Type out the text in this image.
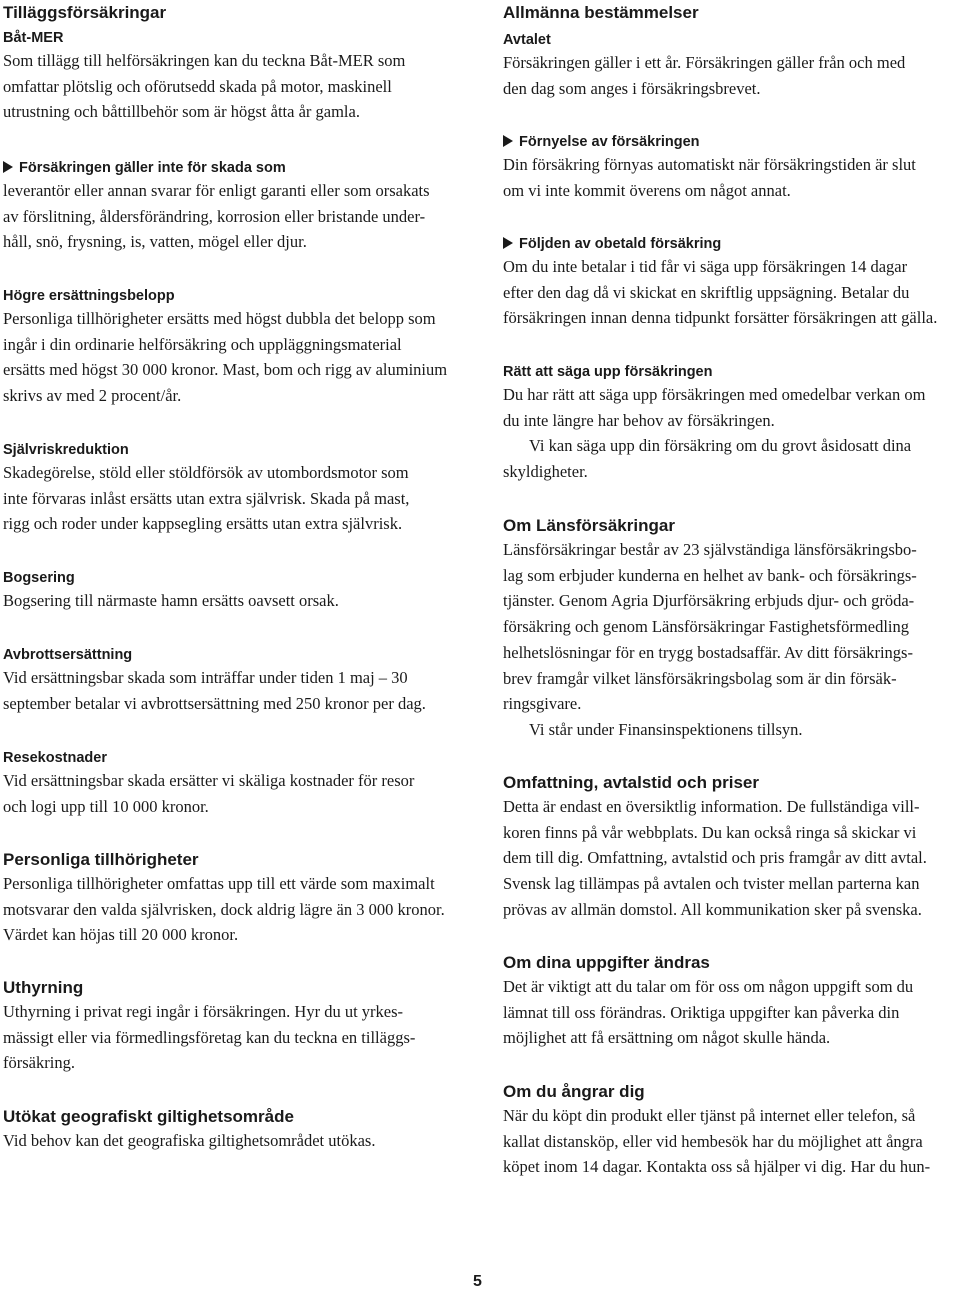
Tilläggsförsäkringar
Båt-MER
Som tillägg till helförsäkringen kan du teckna Båt-MER som
omfattar plötslig och oförutsedd skada på motor, maskinell
utrustning och båttillbehör som är högst åtta år gamla.
Försäkringen gäller inte för skada som
leverantör eller annan svarar för enligt garanti eller som orsakats
av förslitning, åldersförändring, korrosion eller bristande under-
håll, snö, frysning, is, vatten, mögel eller djur.
Högre ersättningsbelopp
Personliga tillhörigheter ersätts med högst dubbla det belopp som
ingår i din ordinarie helförsäkring och uppläggningsmaterial
ersätts med högst 30 000 kronor. Mast, bom och rigg av aluminium
skrivs av med 2 procent/år.
Självriskreduktion
Skadegörelse, stöld eller stöldförsök av utombordsmotor som
inte förvaras inlåst ersätts utan extra självrisk. Skada på mast,
rigg och roder under kappsegling ersätts utan extra självrisk.
Bogsering
Bogsering till närmaste hamn ersätts oavsett orsak.
Avbrottsersättning
Vid ersättningsbar skada som inträffar under tiden 1 maj – 30
september betalar vi avbrottsersättning med 250 kronor per dag.
Resekostnader
Vid ersättningsbar skada ersätter vi skäliga kostnader för resor
och logi upp till 10 000 kronor.
Personliga tillhörigheter
Personliga tillhörigheter omfattas upp till ett värde som maximalt
motsvarar den valda självrisken, dock aldrig lägre än 3 000 kronor.
Värdet kan höjas till 20 000 kronor.
Uthyrning
Uthyrning i privat regi ingår i försäkringen. Hyr du ut yrkes-
mässigt eller via förmedlingsföretag kan du teckna en tilläggs-
försäkring.
Utökat geografiskt giltighetsområde
Vid behov kan det geografiska giltighetsområdet utökas.
Allmänna bestämmelser
Avtalet
Försäkringen gäller i ett år. Försäkringen gäller från och med
den dag som anges i försäkringsbrevet.
Förnyelse av försäkringen
Din försäkring förnyas automatiskt när försäkringstiden är slut
om vi inte kommit överens om något annat.
Följden av obetald försäkring
Om du inte betalar i tid får vi säga upp försäkringen 14 dagar
efter den dag då vi skickat en skriftlig uppsägning. Betalar du
försäkringen innan denna tidpunkt forsätter försäkringen att gälla.
Rätt att säga upp försäkringen
Du har rätt att säga upp försäkringen med omedelbar verkan om
du inte längre har behov av försäkringen.
Vi kan säga upp din försäkring om du grovt åsidosatt dina
skyldigheter.
Om Länsförsäkringar
Länsförsäkringar består av 23 självständiga länsförsäkringsbo-
lag som erbjuder kunderna en helhet av bank- och försäkrings-
tjänster. Genom Agria Djurförsäkring erbjuds djur- och gröda-
försäkring och genom Länsförsäkringar Fastighetsförmedling
helhetslösningar för en trygg bostadsaffär. Av ditt försäkrings-
brev framgår vilket länsförsäkringsbolag som är din försäk-
ringsgivare.
Vi står under Finansinspektionens tillsyn.
Omfattning, avtalstid och priser
Detta är endast en översiktlig information. De fullständiga vill-
koren finns på vår webbplats. Du kan också ringa så skickar vi
dem till dig. Omfattning, avtalstid och pris framgår av ditt avtal.
Svensk lag tillämpas på avtalen och tvister mellan parterna kan
prövas av allmän domstol. All kommunikation sker på svenska.
Om dina uppgifter ändras
Det är viktigt att du talar om för oss om någon uppgift som du
lämnat till oss förändras. Oriktiga uppgifter kan påverka din
möjlighet att få ersättning om något skulle hända.
Om du ångrar dig
När du köpt din produkt eller tjänst på internet eller telefon, så
kallat distansköp, eller vid hembesök har du möjlighet att ångra
köpet inom 14 dagar. Kontakta oss så hjälper vi dig. Har du hun-
5
